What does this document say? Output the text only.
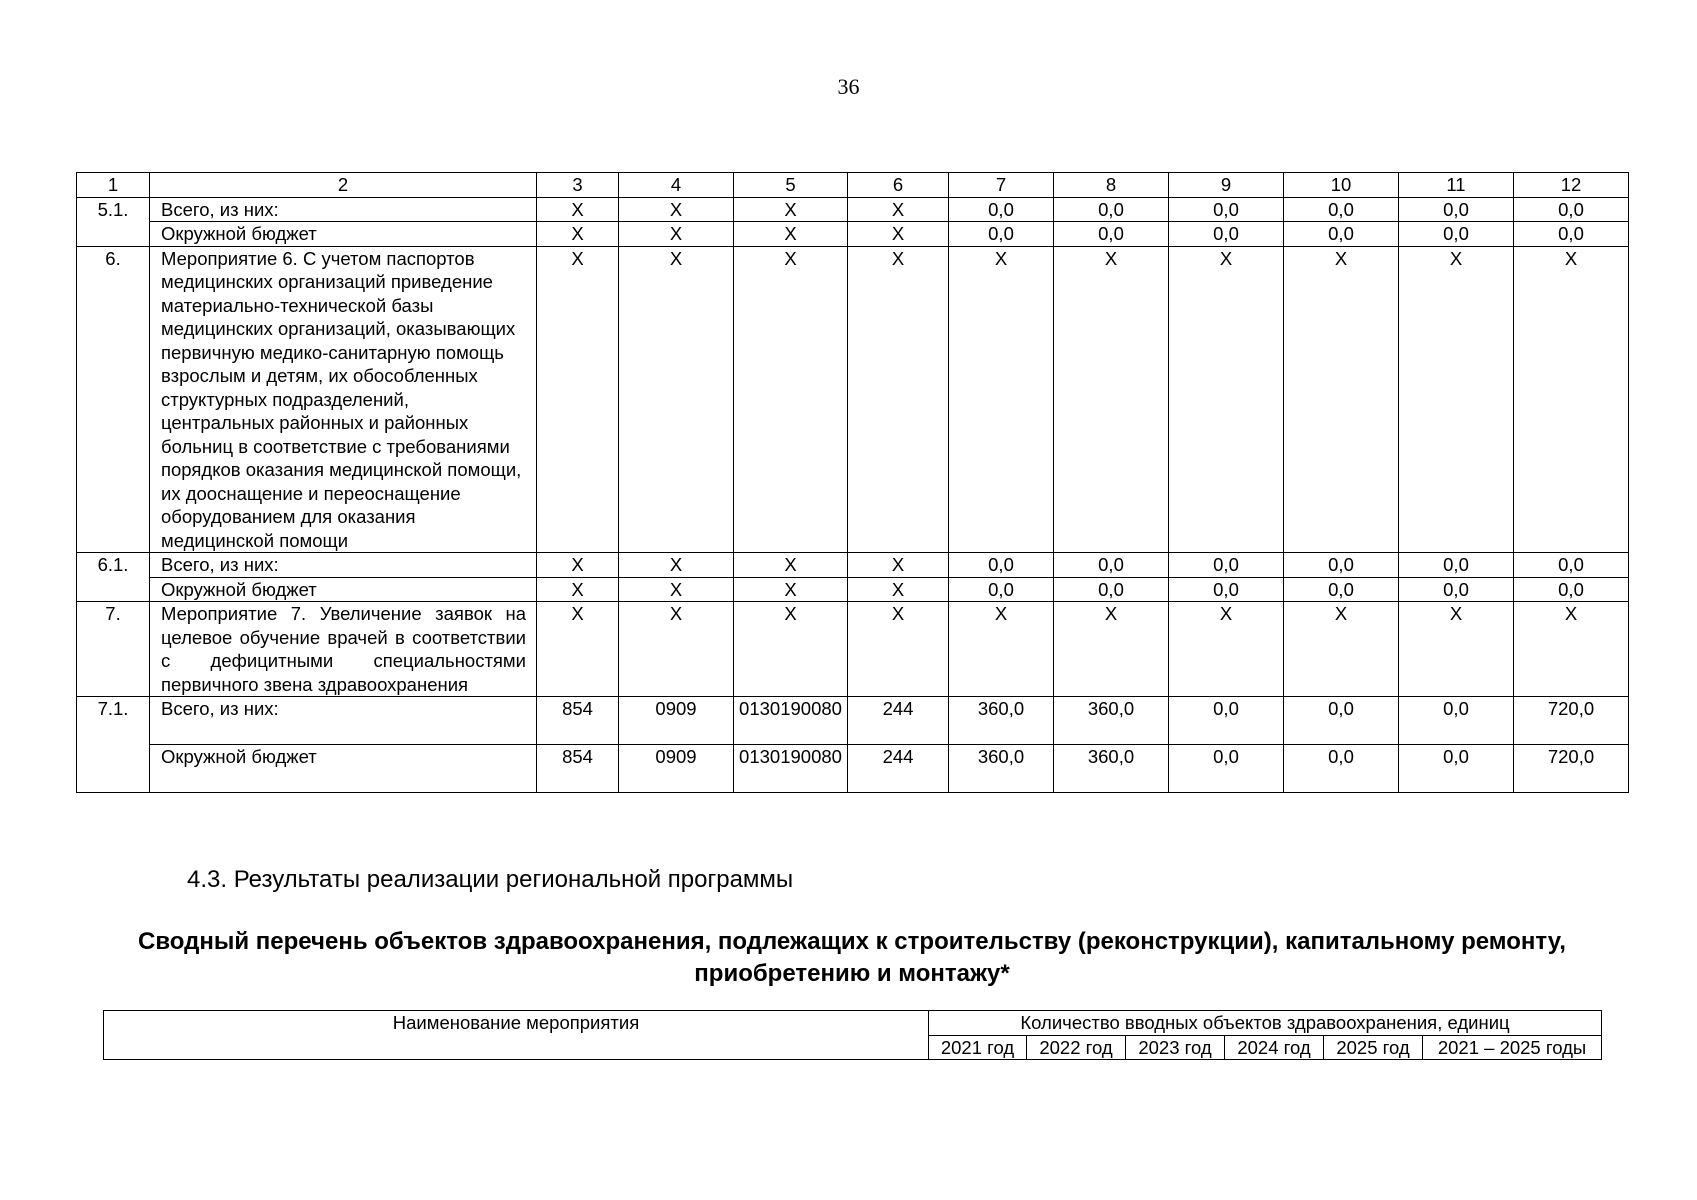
36
1	2	3	4	5	6	7	8	9	10	11	12
5.1.	Всего, из них:	X	X	X	X	0,0	0,0	0,0	0,0	0,0	0,0
	Окружной бюджет	X	X	X	X	0,0	0,0	0,0	0,0	0,0	0,0
6.	Мероприятие 6. С учетом паспортов медицинских организаций приведение материально-технической базы медицинских организаций, оказывающих первичную медико-санитарную помощь взрослым и детям, их обособленных структурных подразделений, центральных районных и районных больниц в соответствие с требованиями порядков оказания медицинской помощи, их дооснащение и переоснащение оборудованием для оказания медицинской помощи	X	X	X	X	X	X	X	X	X	X
6.1.	Всего, из них:	X	X	X	X	0,0	0,0	0,0	0,0	0,0	0,0
	Окружной бюджет	X	X	X	X	0,0	0,0	0,0	0,0	0,0	0,0
7.	Мероприятие 7. Увеличение заявок на целевое обучение врачей в соответствии с дефицитными специальностями первичного звена здравоохранения	X	X	X	X	X	X	X	X	X	X
7.1.	Всего, из них:	854	0909	0130190080	244	360,0	360,0	0,0	0,0	0,0	720,0
	Окружной бюджет	854	0909	0130190080	244	360,0	360,0	0,0	0,0	0,0	720,0
4.3. Результаты реализации региональной программы
Сводный перечень объектов здравоохранения, подлежащих к строительству (реконструкции), капитальному ремонту, приобретению и монтажу*
Наименование мероприятия	Количество вводных объектов здравоохранения, единиц					
	2021 год	2022 год	2023 год	2024 год	2025 год	2021 – 2025 годы
